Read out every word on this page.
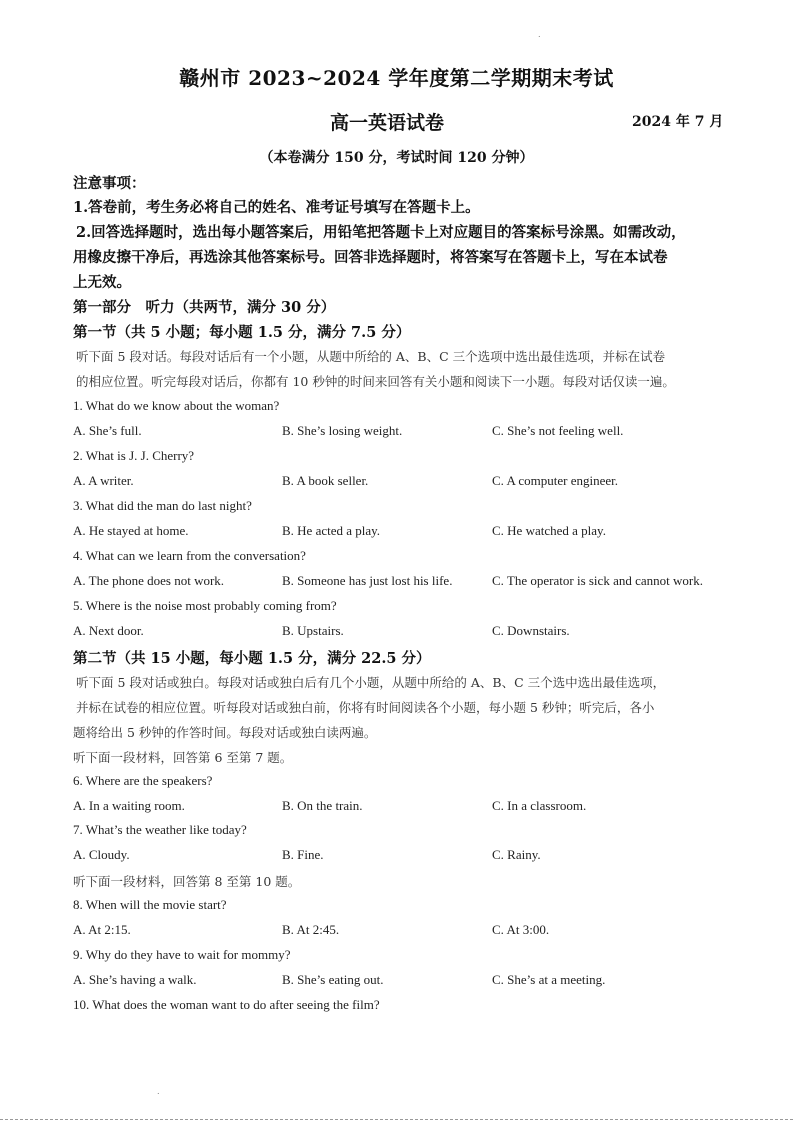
.
赣州市 2023~2024 学年度第二学期期末考试
高一英语试卷	2024 年 7 月
（本卷满分 150 分，考试时间 120 分钟）
注意事项：
1.答卷前，考生务必将自己的姓名、准考证号填写在答题卡上。
2.回答选择题时，选出每小题答案后，用铅笔把答题卡上对应题目的答案标号涂黑。如需改动，
用橡皮擦干净后，再选涂其他答案标号。回答非选择题时，将答案写在答题卡上，写在本试卷
上无效。
第一部分　听力（共两节，满分 30 分）
第一节（共 5 小题；每小题 1.5 分，满分 7.5 分）
听下面 5 段对话。每段对话后有一个小题，从题中所给的 A、B、C 三个选项中选出最佳选项，并标在试卷
的相应位置。听完每段对话后，你都有 10 秒钟的时间来回答有关小题和阅读下一小题。每段对话仅读一遍。
1. What do we know about the woman?
A. She’s full.	B. She’s losing weight.	C. She’s not feeling well.
2. What is J. J. Cherry?
A. A writer.	B. A book seller.	C. A computer engineer.
3. What did the man do last night?
A. He stayed at home.	B. He acted a play.	C. He watched a play.
4. What can we learn from the conversation?
A. The phone does not work.	B. Someone has just lost his life.	C. The operator is sick and cannot work.
5. Where is the noise most probably coming from?
A. Next door.	B. Upstairs.	C. Downstairs.
第二节（共 15 小题，每小题 1.5 分，满分 22.5 分）
听下面 5 段对话或独白。每段对话或独白后有几个小题，从题中所给的 A、B、C 三个选中选出最佳选项，
并标在试卷的相应位置。听每段对话或独白前，你将有时间阅读各个小题，每小题 5 秒钟；听完后，各小
题将给出 5 秒钟的作答时间。每段对话或独白读两遍。
听下面一段材料，回答第 6 至第 7 题。
6. Where are the speakers?
A. In a waiting room.	B. On the train.	C. In a classroom.
7. What’s the weather like today?
A. Cloudy.	B. Fine.	C. Rainy.
听下面一段材料，回答第 8 至第 10 题。
8. When will the movie start?
A. At 2:15.	B. At 2:45.	C. At 3:00.
9. Why do they have to wait for mommy?
A. She’s having a walk.	B. She’s eating out.	C. She’s at a meeting.
10. What does the woman want to do after seeing the film?
.
